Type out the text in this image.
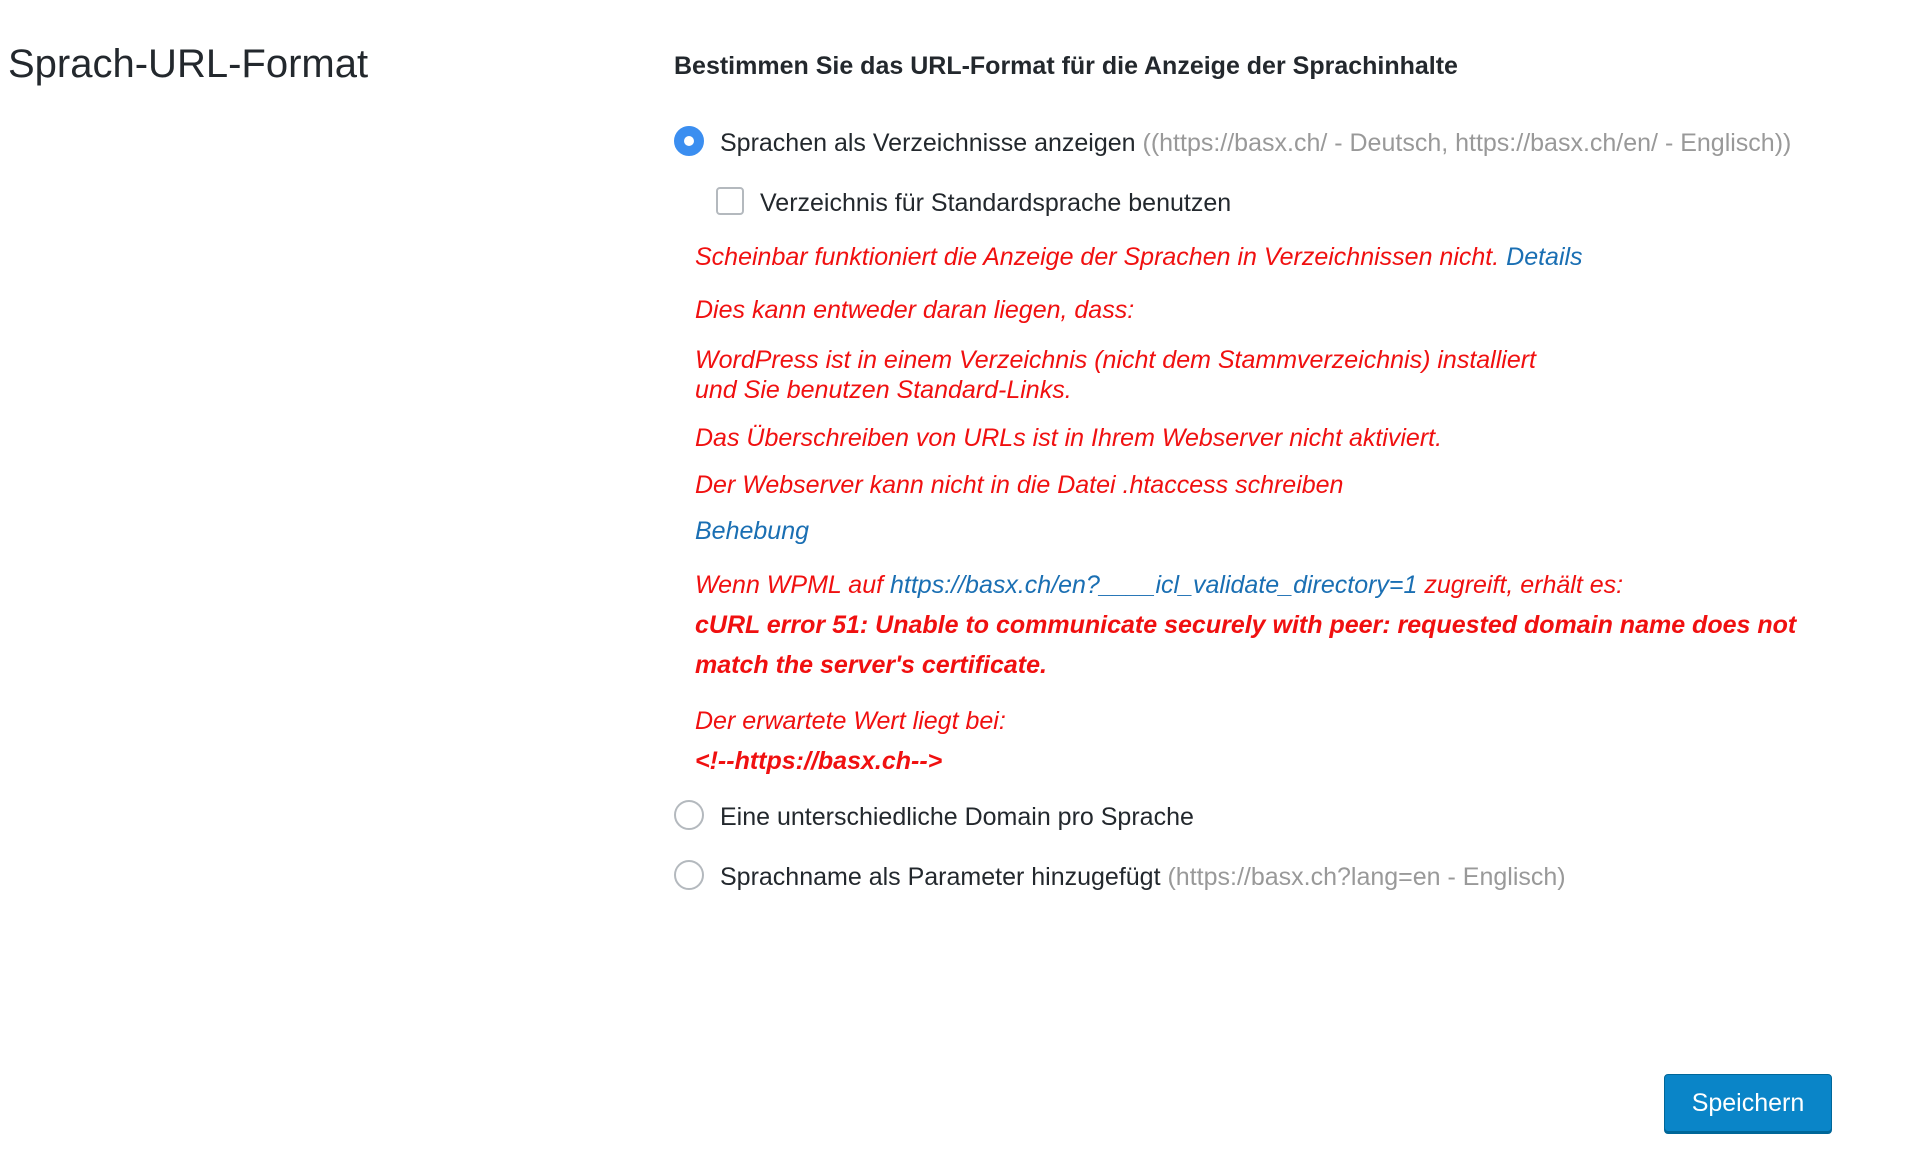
Sprach-URL-Format	Bestimmen Sie das URL-Format für die Anzeige der Sprachinhalte
Sprachen als Verzeichnisse anzeigen ((https://basx.ch/ - Deutsch, https://basx.ch/en/ - Englisch))
Verzeichnis für Standardsprache benutzen

Scheinbar funktioniert die Anzeige der Sprachen in Verzeichnissen nicht. Details

Dies kann entweder daran liegen, dass:

WordPress ist in einem Verzeichnis (nicht dem Stammverzeichnis) installiert und Sie benutzen Standard-Links.

Das Überschreiben von URLs ist in Ihrem Webserver nicht aktiviert.

Der Webserver kann nicht in die Datei .htaccess schreiben

Behebung

Wenn WPML auf https://basx.ch/en?____icl_validate_directory=1 zugreift, erhält es:
cURL error 51: Unable to communicate securely with peer: requested domain name does not match the server's certificate.

Der erwartete Wert liegt bei:
<!--https://basx.ch-->

Eine unterschiedliche Domain pro Sprache
Sprachname als Parameter hinzugefügt (https://basx.ch?lang=en - Englisch)
Speichern
